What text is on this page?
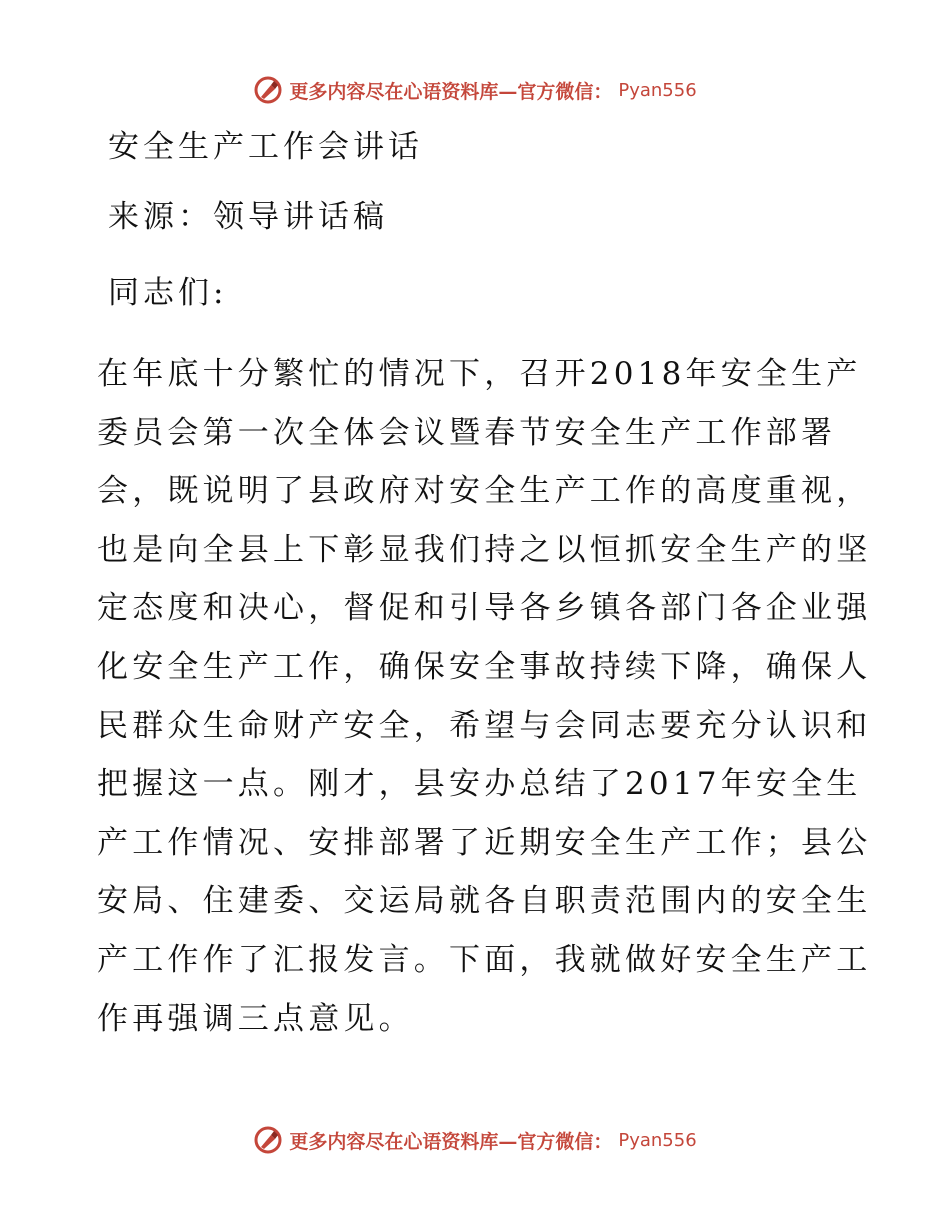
更多内容尽在心语资料库—官方微信： Pyan556
安全生产工作会讲话
来源：领导讲话稿
同志们:
在年底十分繁忙的情况下，召开2018年安全生产
委员会第一次全体会议暨春节安全生产工作部署
会，既说明了县政府对安全生产工作的高度重视，
也是向全县上下彰显我们持之以恒抓安全生产的坚
定态度和决心，督促和引导各乡镇各部门各企业强
化安全生产工作，确保安全事故持续下降，确保人
民群众生命财产安全，希望与会同志要充分认识和
把握这一点。刚才，县安办总结了2017年安全生
产工作情况、安排部署了近期安全生产工作；县公
安局、住建委、交运局就各自职责范围内的安全生
产工作作了汇报发言。下面，我就做好安全生产工
作再强调三点意见。
更多内容尽在心语资料库—官方微信： Pyan556
